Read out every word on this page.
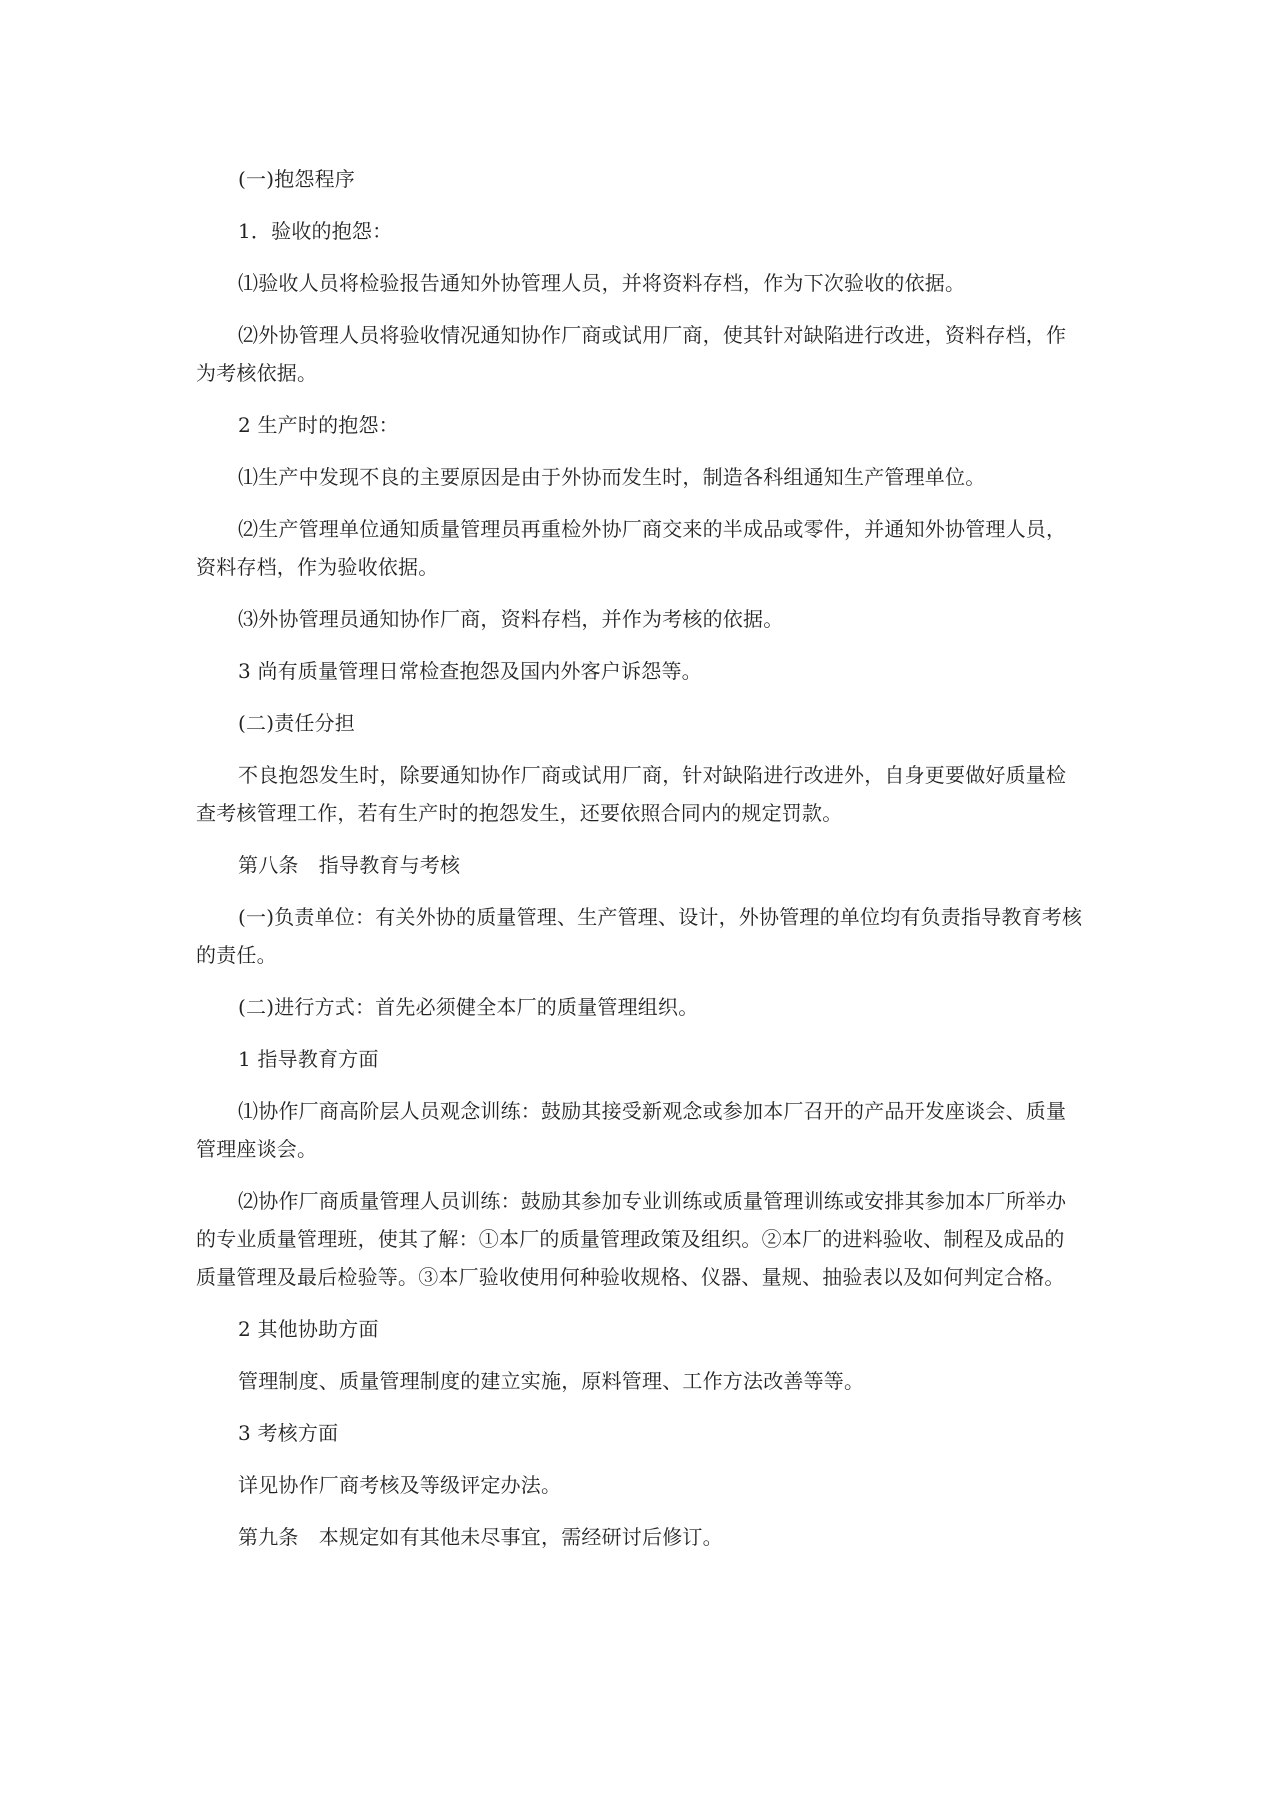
(一)抱怨程序

1．验收的抱怨：

⑴验收人员将检验报告通知外协管理人员，并将资料存档，作为下次验收的依据。

⑵外协管理人员将验收情况通知协作厂商或试用厂商，使其针对缺陷进行改进，资料存档，作为考核依据。

2 生产时的抱怨：

⑴生产中发现不良的主要原因是由于外协而发生时，制造各科组通知生产管理单位。

⑵生产管理单位通知质量管理员再重检外协厂商交来的半成品或零件，并通知外协管理人员，资料存档，作为验收依据。

⑶外协管理员通知协作厂商，资料存档，并作为考核的依据。

3 尚有质量管理日常检查抱怨及国内外客户诉怨等。

(二)责任分担

不良抱怨发生时，除要通知协作厂商或试用厂商，针对缺陷进行改进外，自身更要做好质量检查考核管理工作，若有生产时的抱怨发生，还要依照合同内的规定罚款。

第八条　指导教育与考核

(一)负责单位：有关外协的质量管理、生产管理、设计，外协管理的单位均有负责指导教育考核的责任。

(二)进行方式：首先必须健全本厂的质量管理组织。

1 指导教育方面

⑴协作厂商高阶层人员观念训练：鼓励其接受新观念或参加本厂召开的产品开发座谈会、质量管理座谈会。

⑵协作厂商质量管理人员训练：鼓励其参加专业训练或质量管理训练或安排其参加本厂所举办的专业质量管理班，使其了解：①本厂的质量管理政策及组织。②本厂的进料验收、制程及成品的质量管理及最后检验等。③本厂验收使用何种验收规格、仪器、量规、抽验表以及如何判定合格。

2 其他协助方面

管理制度、质量管理制度的建立实施，原料管理、工作方法改善等等。

3 考核方面

详见协作厂商考核及等级评定办法。

第九条　本规定如有其他未尽事宜，需经研讨后修订。
